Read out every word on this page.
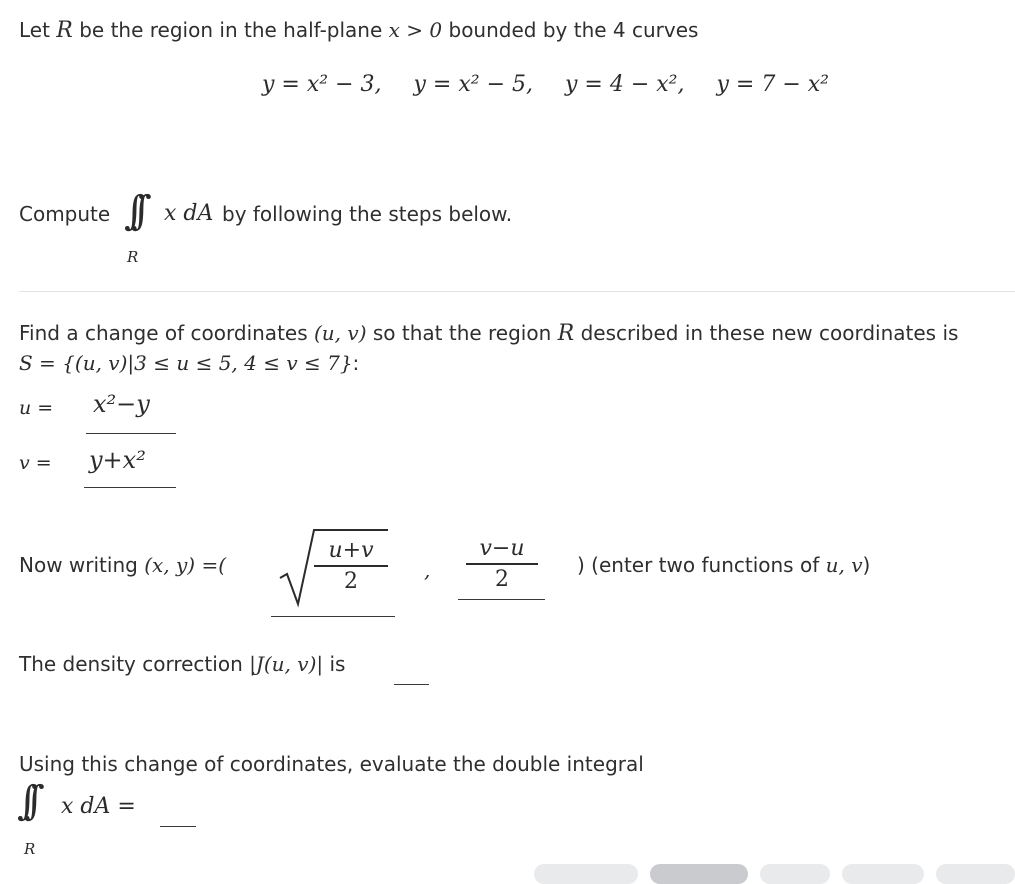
Let R be the region in the half-plane x > 0 bounded by the 4 curves
y = x² − 3, y = x² − 5, y = 4 − x², y = 7 − x²
Compute ∫∫ x dA
R
by following the steps below.
Find a change of coordinates (u, v) so that the region R described in these new coordinates is
S = {(u, v)|3 ≤ u ≤ 5, 4 ≤ v ≤ 7}:
u = x²−y
v = y+x²
Now writing (x, y) =(	$\frac{u+v}{2}$ , $\frac{v-u}{2}$ ) (enter two functions of u, v)
The density correction |J(u, v)| is
Using this change of coordinates, evaluate the double integral
∫∫ x dA =
R
